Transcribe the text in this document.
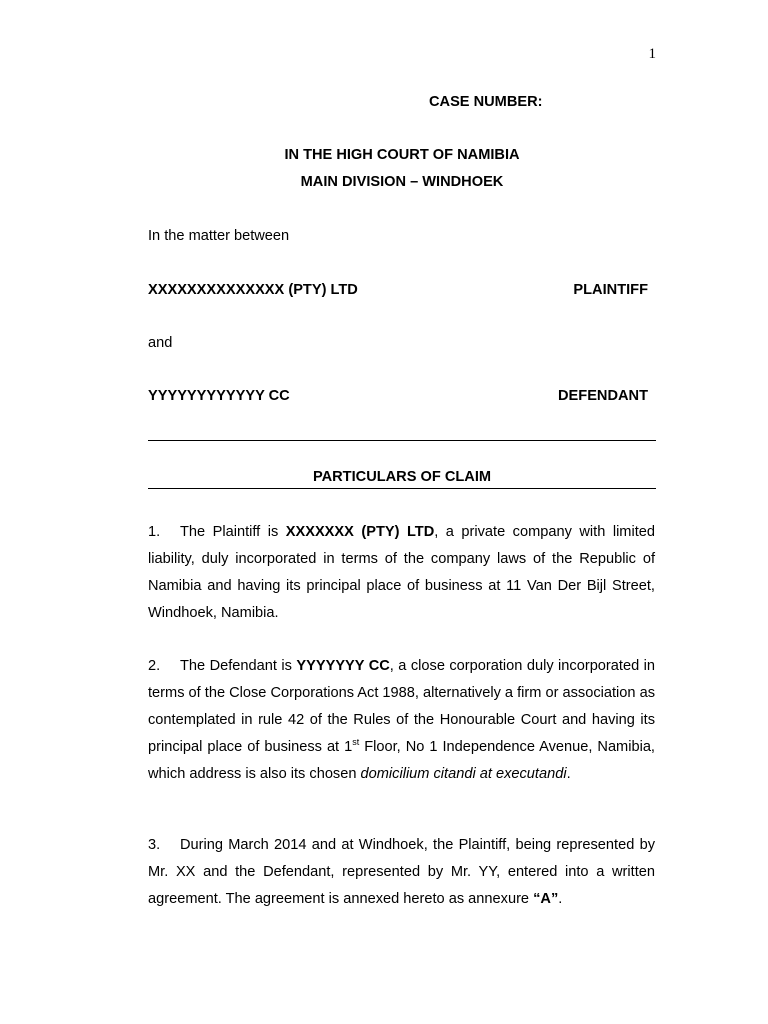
1
CASE NUMBER:
IN THE HIGH COURT OF NAMIBIA
MAIN DIVISION – WINDHOEK
In the matter between
XXXXXXXXXXXXXX (PTY) LTD	PLAINTIFF
and
YYYYYYYYYYYY CC	DEFENDANT
PARTICULARS OF CLAIM
1. The Plaintiff is XXXXXXX (PTY) LTD, a private company with limited liability, duly incorporated in terms of the company laws of the Republic of Namibia and having its principal place of business at 11 Van Der Bijl Street, Windhoek, Namibia.
2. The Defendant is YYYYYYY CC, a close corporation duly incorporated in terms of the Close Corporations Act 1988, alternatively a firm or association as contemplated in rule 42 of the Rules of the Honourable Court and having its principal place of business at 1st Floor, No 1 Independence Avenue, Namibia, which address is also its chosen domicilium citandi at executandi.
3. During March 2014 and at Windhoek, the Plaintiff, being represented by Mr. XX and the Defendant, represented by Mr. YY, entered into a written agreement. The agreement is annexed hereto as annexure “A”.
